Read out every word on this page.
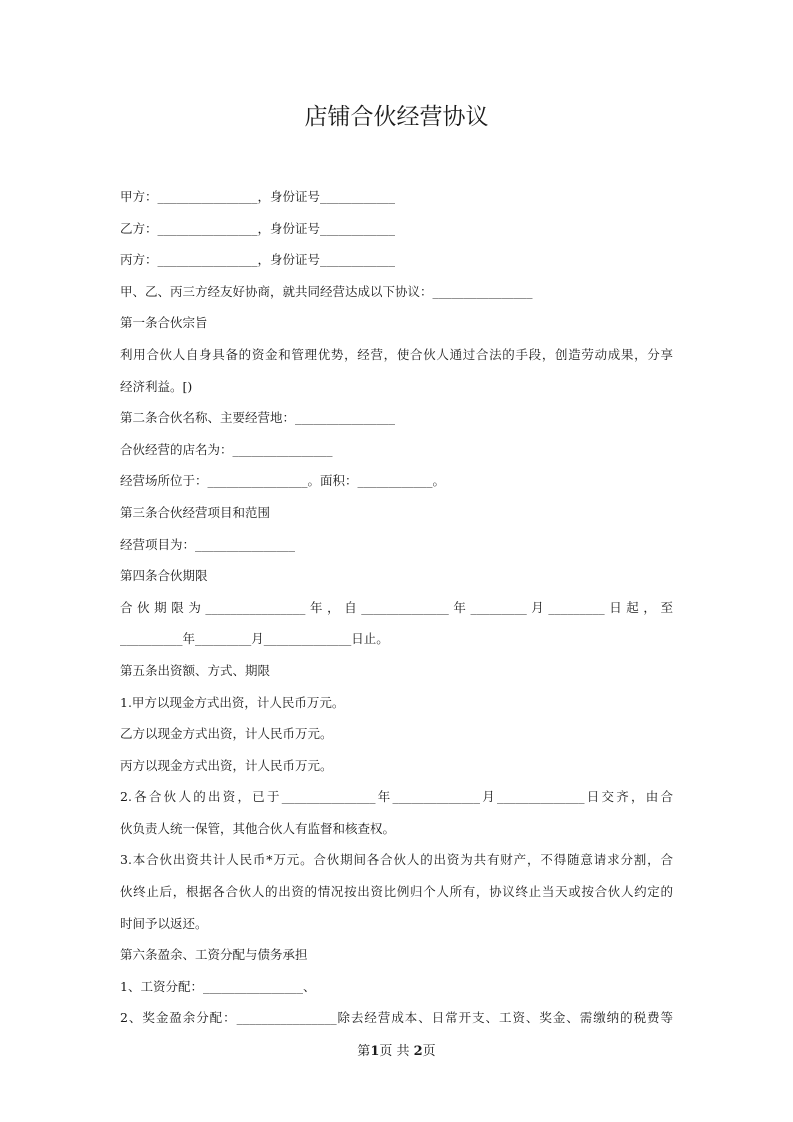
店铺合伙经营协议
甲方：________________，身份证号____________
乙方：________________，身份证号____________
丙方：________________，身份证号____________
甲、乙、丙三方经友好协商，就共同经营达成以下协议：________________
第一条合伙宗旨
利用合伙人自身具备的资金和管理优势，经营，使合伙人通过合法的手段，创造劳动成果，分享
经济利益。[)
第二条合伙名称、主要经营地：________________
合伙经营的店名为：________________
经营场所位于：________________。面积：____________。
第三条合伙经营项目和范围
经营项目为：________________
第四条合伙期限
合伙期限为________________年，自______________年_________月_________日起，至
__________年_________月______________日止。
第五条出资额、方式、期限
1.甲方以现金方式出资，计人民币万元。
乙方以现金方式出资，计人民币万元。
丙方以现金方式出资，计人民币万元。
2.各合伙人的出资，已于_______________年______________月______________日交齐，由合
伙负责人统一保管，其他合伙人有监督和核查权。
3.本合伙出资共计人民币*万元。合伙期间各合伙人的出资为共有财产，不得随意请求分割，合
伙终止后，根据各合伙人的出资的情况按出资比例归个人所有，协议终止当天或按合伙人约定的
时间予以返还。
第六条盈余、工资分配与债务承担
1、工资分配：________________、
2、奖金盈余分配：________________除去经营成本、日常开支、工资、奖金、需缴纳的税费等
第1页 共 2页
